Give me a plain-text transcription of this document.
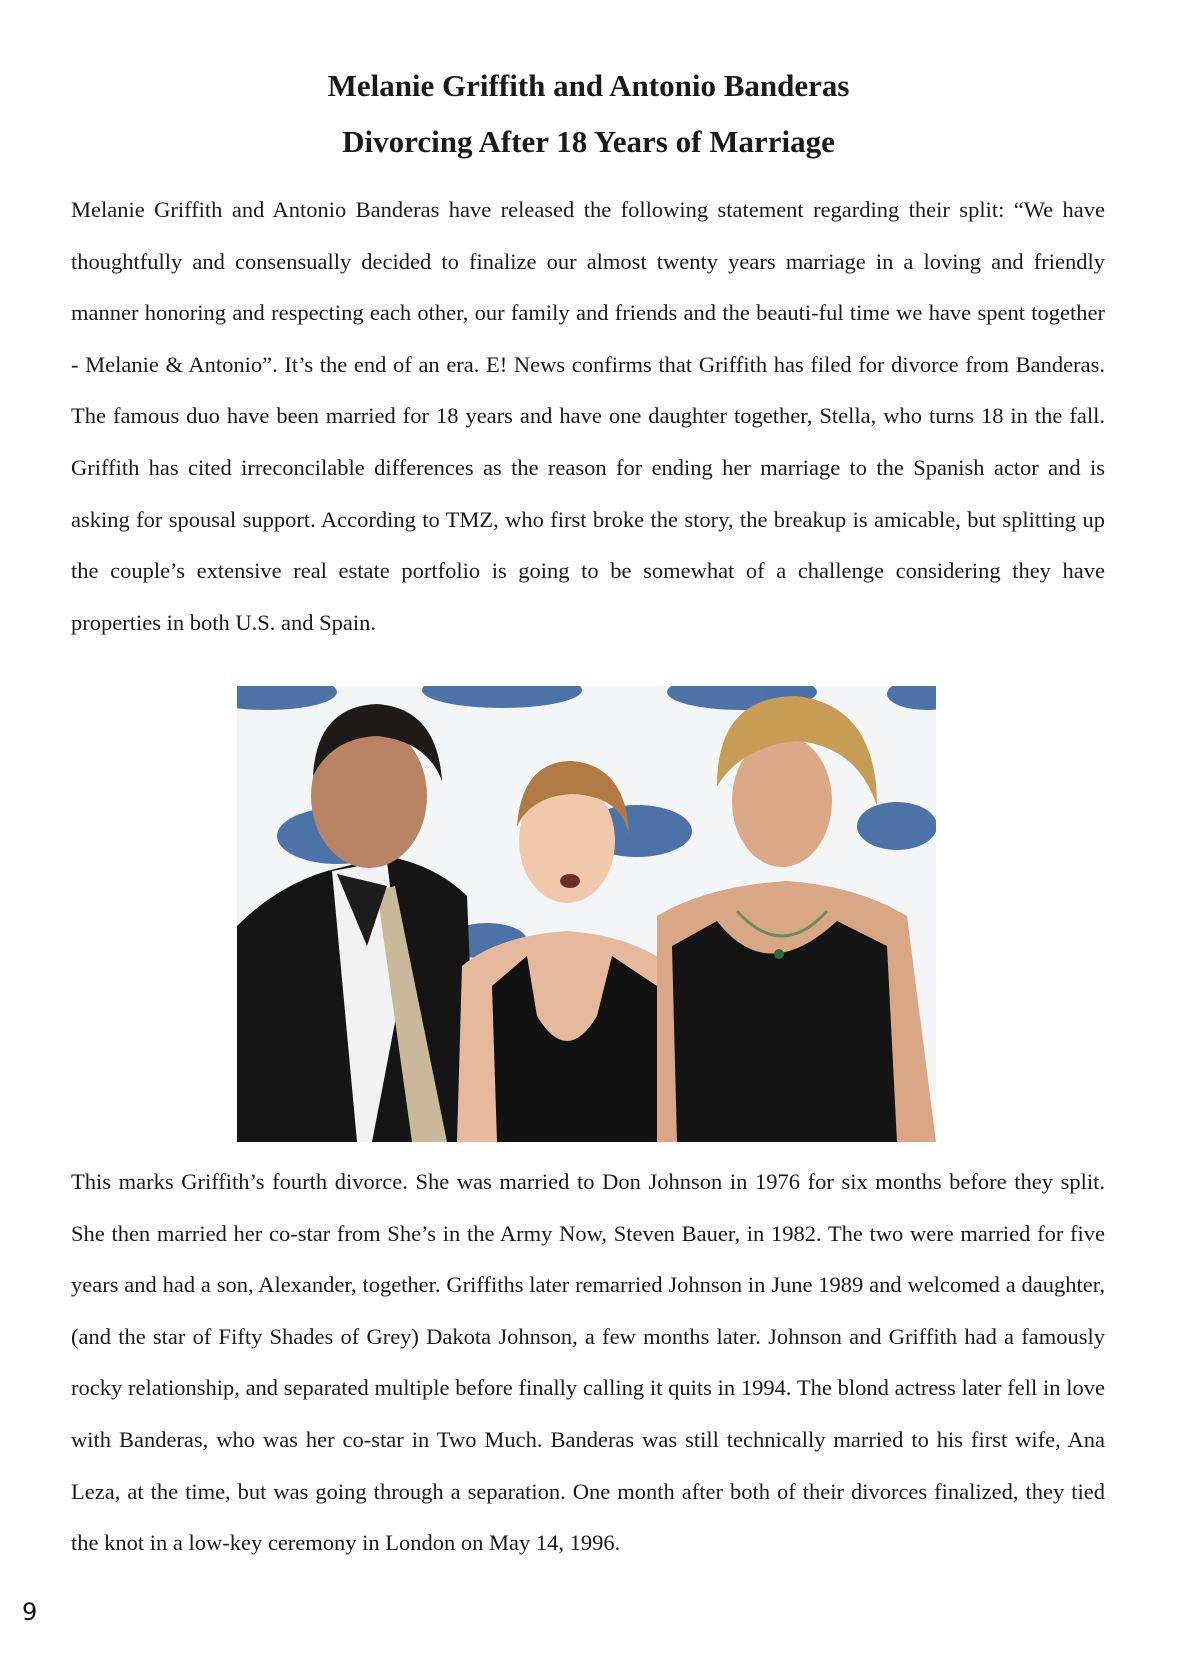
Melanie Griffith and Antonio Banderas
Divorcing After 18 Years of Marriage

Melanie Griffith and Antonio Banderas have released the following statement regarding their split: “We have thoughtfully and consensually decided to finalize our almost twenty years marriage in a loving and friendly manner honoring and respecting each other, our family and friends and the beauti-ful time we have spent together - Melanie & Antonio”. It’s the end of an era. E! News confirms that Griffith has filed for divorce from Banderas. The famous duo have been married for 18 years and have one daughter together, Stella, who turns 18 in the fall. Griffith has cited irreconcilable differences as the reason for ending her marriage to the Spanish actor and is asking for spousal support. According to TMZ, who first broke the story, the breakup is amicable, but splitting up the couple’s extensive real estate portfolio is going to be somewhat of a challenge considering they have properties in both U.S. and Spain.

This marks Griffith’s fourth divorce. She was married to Don Johnson in 1976 for six months before they split. She then married her co-star from She’s in the Army Now, Steven Bauer, in 1982. The two were married for five years and had a son, Alexander, together. Griffiths later remarried Johnson in June 1989 and welcomed a daughter, (and the star of Fifty Shades of Grey) Dakota Johnson, a few months later. Johnson and Griffith had a famously rocky relationship, and separated multiple before finally calling it quits in 1994. The blond actress later fell in love with Banderas, who was her co-star in Two Much. Banderas was still technically married to his first wife, Ana Leza, at the time, but was going through a separation. One month after both of their divorces finalized, they tied the knot in a low-key ceremony in London on May 14, 1996.

9
